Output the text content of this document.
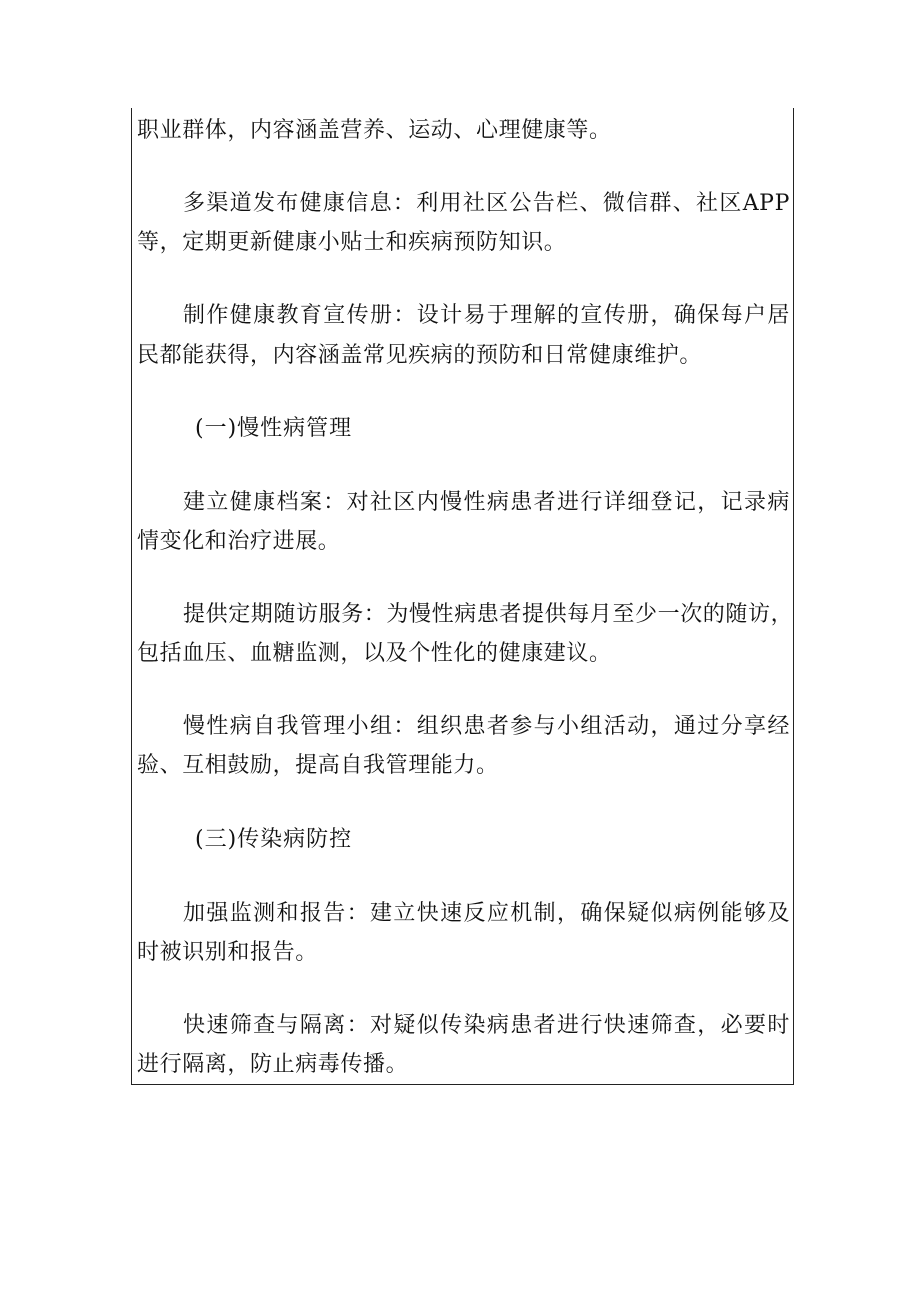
职业群体，内容涵盖营养、运动、心理健康等。
多渠道发布健康信息：利用社区公告栏、微信群、社区APP
等，定期更新健康小贴士和疾病预防知识。
制作健康教育宣传册：设计易于理解的宣传册，确保每户居
民都能获得，内容涵盖常见疾病的预防和日常健康维护。
(一)慢性病管理
建立健康档案：对社区内慢性病患者进行详细登记，记录病
情变化和治疗进展。
提供定期随访服务：为慢性病患者提供每月至少一次的随访，
包括血压、血糖监测，以及个性化的健康建议。
慢性病自我管理小组：组织患者参与小组活动，通过分享经
验、互相鼓励，提高自我管理能力。
(三)传染病防控
加强监测和报告：建立快速反应机制，确保疑似病例能够及
时被识别和报告。
快速筛查与隔离：对疑似传染病患者进行快速筛查，必要时
进行隔离，防止病毒传播。
